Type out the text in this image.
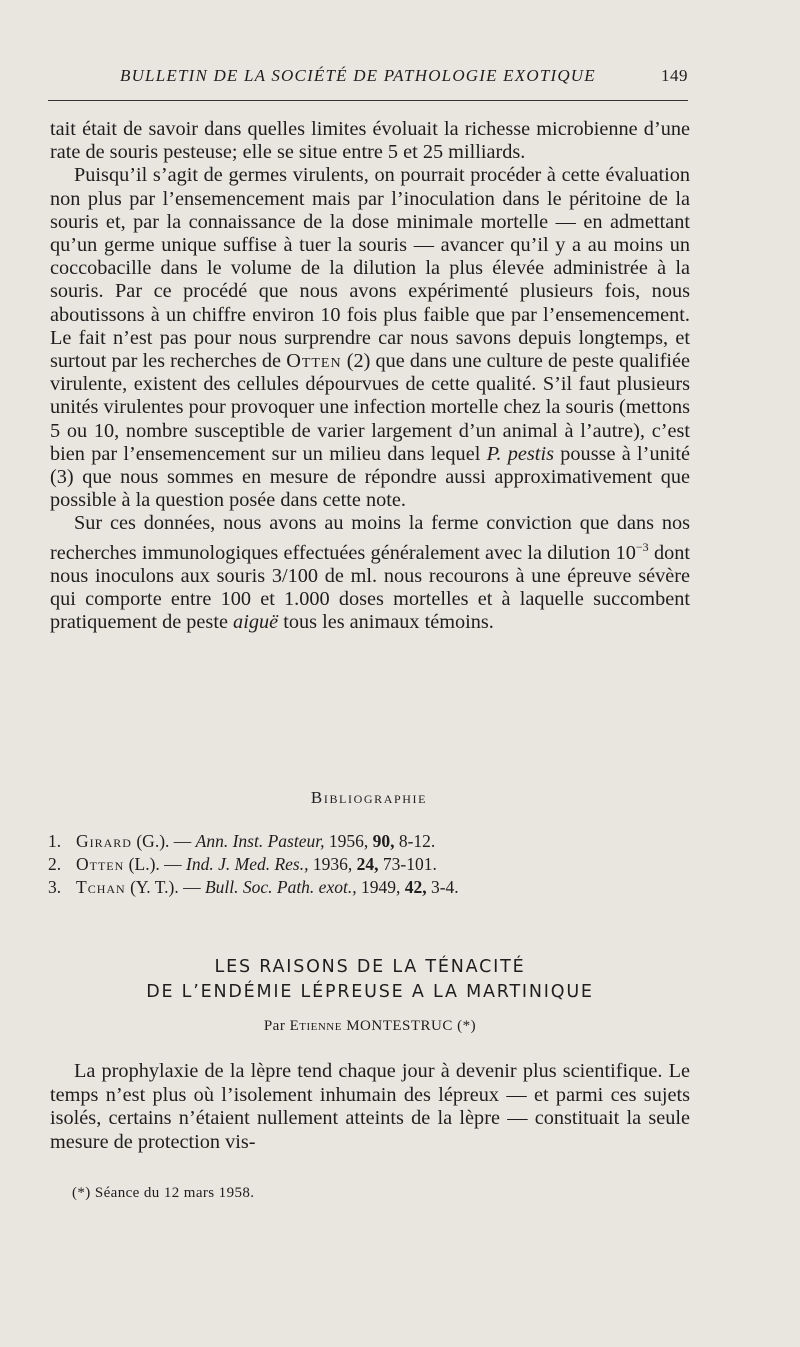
BULLETIN DE LA SOCIÉTÉ DE PATHOLOGIE EXOTIQUE	149

tait était de savoir dans quelles limites évoluait la richesse microbienne d’une rate de souris pesteuse; elle se situe entre 5 et 25 milliards.

Puisqu’il s’agit de germes virulents, on pourrait procéder à cette évaluation non plus par l’ensemencement mais par l’inoculation dans le péritoine de la souris et, par la connaissance de la dose minimale mortelle — en admettant qu’un germe unique suffise à tuer la souris — avancer qu’il y a au moins un coccobacille dans le volume de la dilution la plus élevée administrée à la souris. Par ce procédé que nous avons expérimenté plusieurs fois, nous aboutissons à un chiffre environ 10 fois plus faible que par l’ensemencement. Le fait n’est pas pour nous surprendre car nous savons depuis longtemps, et surtout par les recherches de Otten (2) que dans une culture de peste qualifiée virulente, existent des cellules dépourvues de cette qualité. S’il faut plusieurs unités virulentes pour provoquer une infection mortelle chez la souris (mettons 5 ou 10, nombre susceptible de varier largement d’un animal à l’autre), c’est bien par l’ensemencement sur un milieu dans lequel P. pestis pousse à l’unité (3) que nous sommes en mesure de répondre aussi approximativement que possible à la question posée dans cette note.

Sur ces données, nous avons au moins la ferme conviction que dans nos recherches immunologiques effectuées généralement avec la dilution $10^{-3}$ dont nous inoculons aux souris 3/100 de ml. nous recourons à une épreuve sévère qui comporte entre 100 et 1.000 doses mortelles et à laquelle succombent pratiquement de peste aiguë tous les animaux témoins.

Bibliographie
1. Girard (G.). — Ann. Inst. Pasteur, 1956, 90, 8-12.
2. Otten (L.). — Ind. J. Med. Res., 1936, 24, 73-101.
3. Tchan (Y. T.). — Bull. Soc. Path. exot., 1949, 42, 3-4.
LES RAISONS DE LA TÉNACITÉ
DE L’ENDÉMIE LÉPREUSE A LA MARTINIQUE
Par Etienne MONTESTRUC (*)

La prophylaxie de la lèpre tend chaque jour à devenir plus scientifique. Le temps n’est plus où l’isolement inhumain des lépreux — et parmi ces sujets isolés, certains n’étaient nullement atteints de la lèpre — constituait la seule mesure de protection vis-

(*) Séance du 12 mars 1958.
